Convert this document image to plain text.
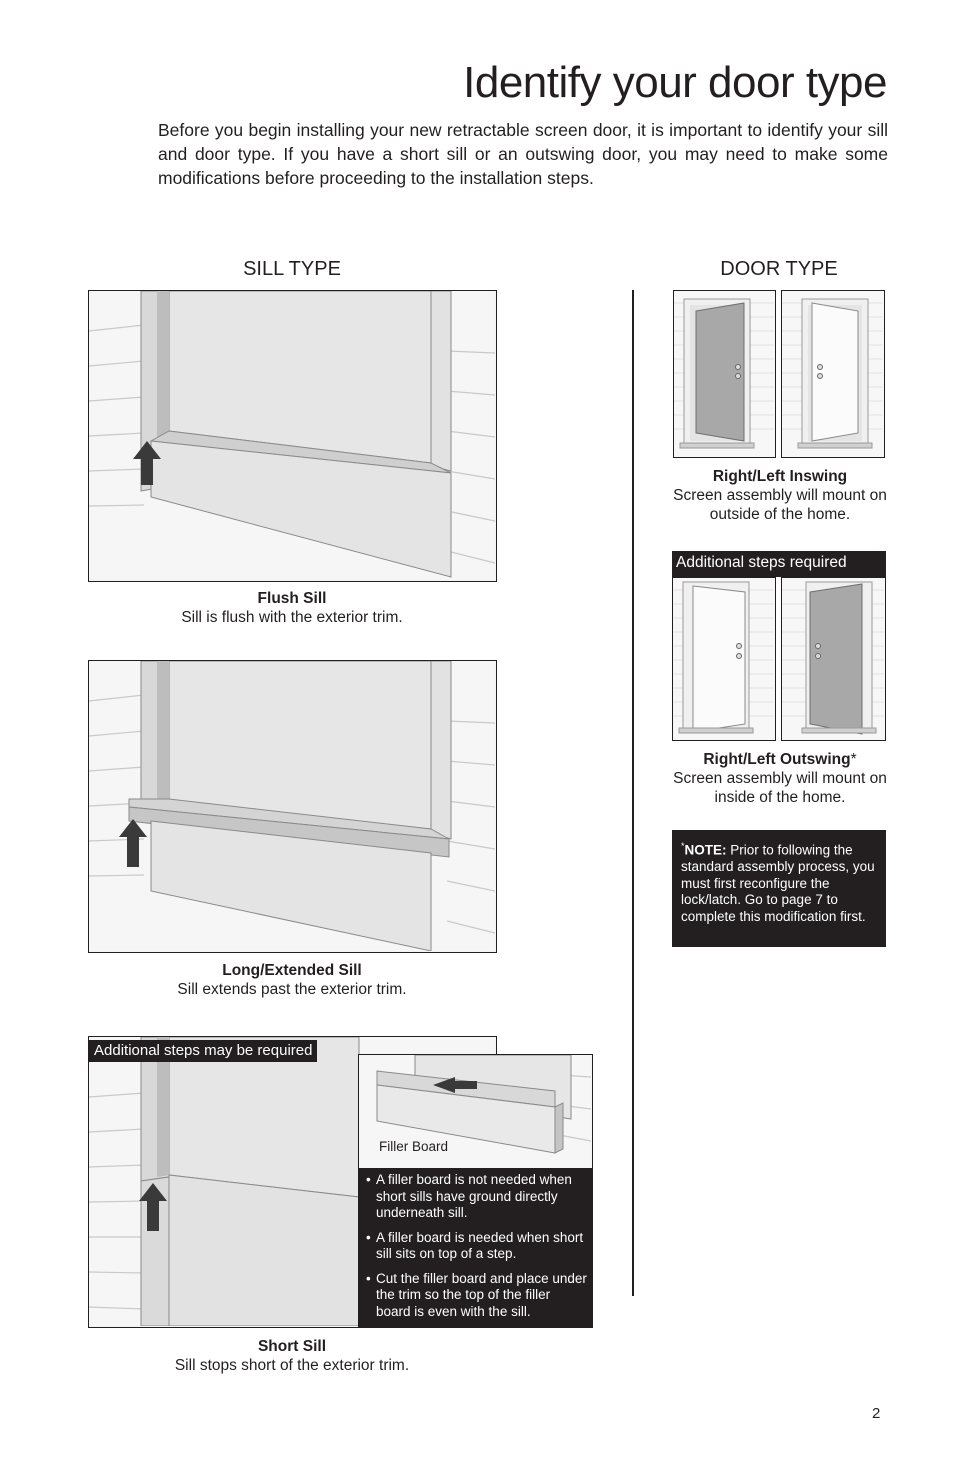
Identify your door type

Before you begin installing your new retractable screen door, it is important to identify your sill and door type. If you have a short sill or an outswing door, you may need to make some modifications before proceeding to the installation steps.

SILL TYPE
Flush Sill
Sill is flush with the exterior trim.
Long/Extended Sill
Sill extends past the exterior trim.
Additional steps may be required
Filler Board
• A filler board is not needed when short sills have ground directly underneath sill.
• A filler board is needed when short sill sits on top of a step.
• Cut the filler board and place under the trim so the top of the filler board is even with the sill.
Short Sill
Sill stops short of the exterior trim.
DOOR TYPE
Right/Left Inswing
Screen assembly will mount on outside of the home.
Additional steps required
Right/Left Outswing*
Screen assembly will mount on inside of the home.
*NOTE: Prior to following the standard assembly process, you must first reconfigure the lock/latch. Go to page 7 to complete this modification first.
2
